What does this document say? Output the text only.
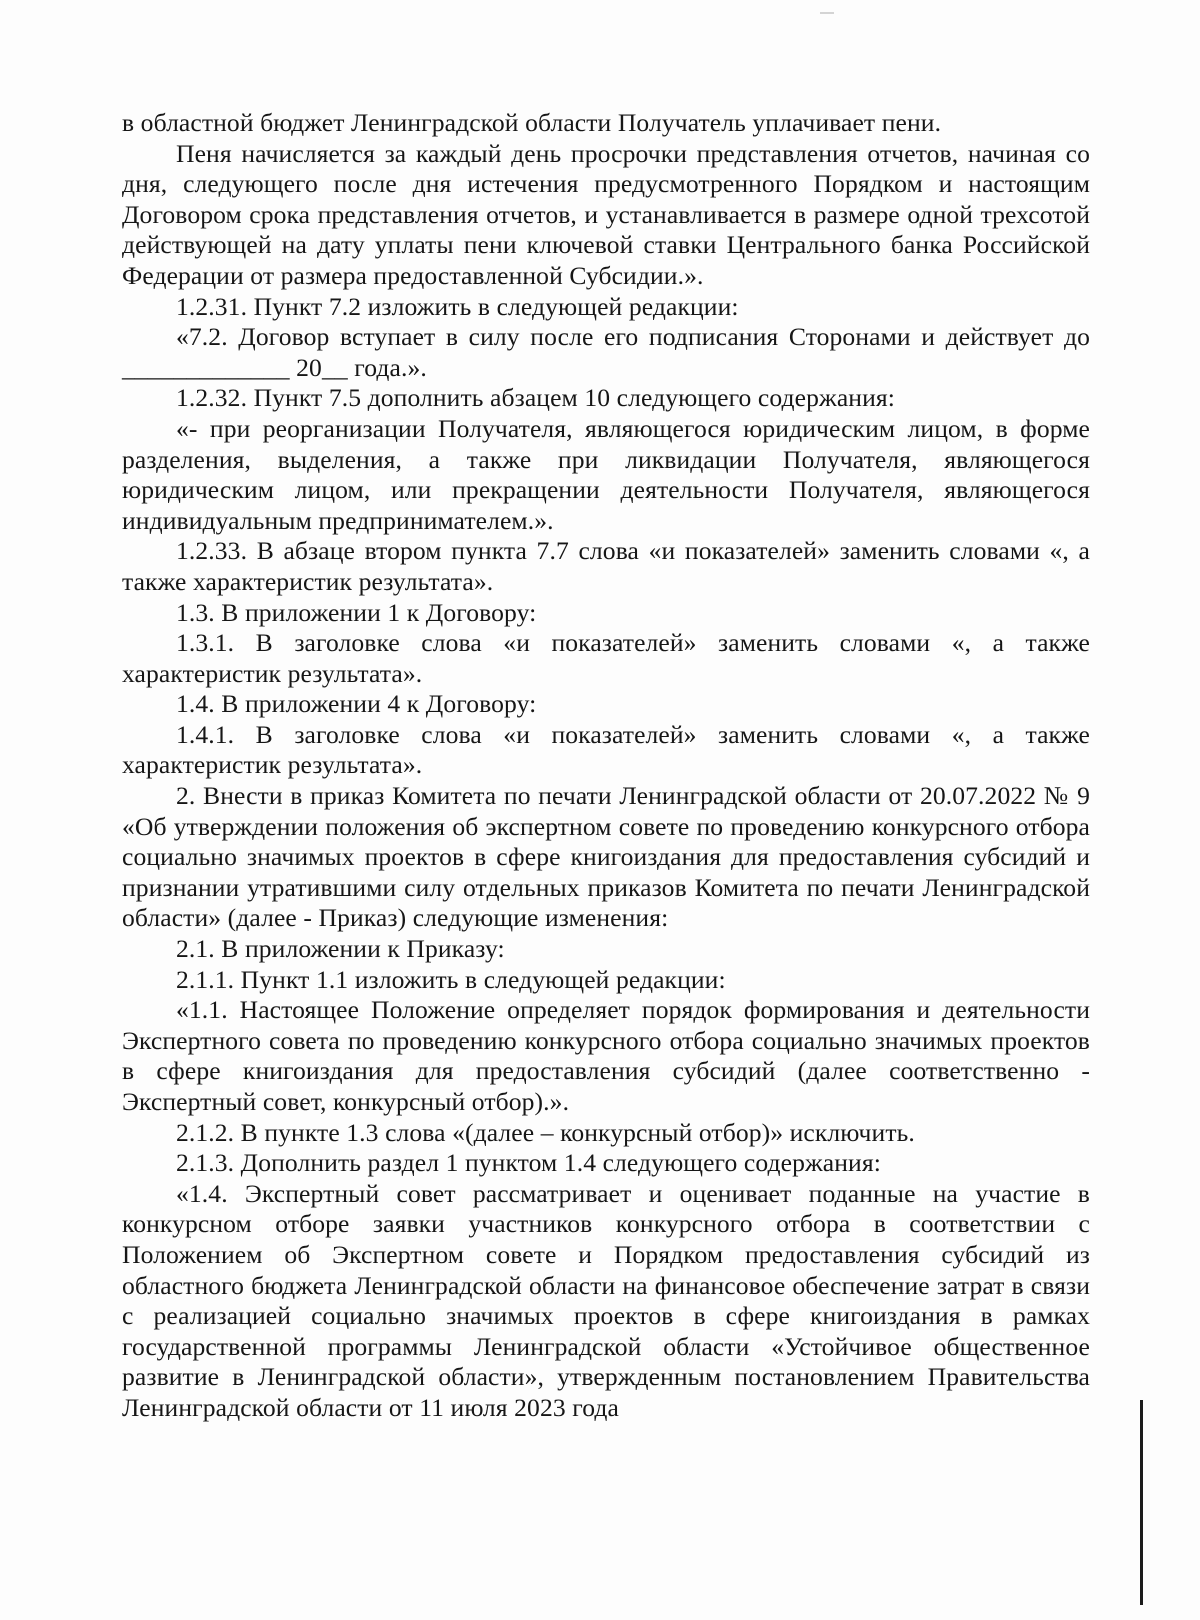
в областной бюджет Ленинградской области Получатель уплачивает пени.

Пеня начисляется за каждый день просрочки представления отчетов, начиная со дня, следующего после дня истечения предусмотренного Порядком и настоящим Договором срока представления отчетов, и устанавливается в размере одной трехсотой действующей на дату уплаты пени ключевой ставки Центрального банка Российской Федерации от размера предоставленной Субсидии.».

1.2.31. Пункт 7.2 изложить в следующей редакции:

«7.2. Договор вступает в силу после его подписания Сторонами и действует до _____________ 20__ года.».

1.2.32. Пункт 7.5 дополнить абзацем 10 следующего содержания:

«- при реорганизации Получателя, являющегося юридическим лицом, в форме разделения, выделения, а также при ликвидации Получателя, являющегося юридическим лицом, или прекращении деятельности Получателя, являющегося индивидуальным предпринимателем.».

1.2.33. В абзаце втором пункта 7.7 слова «и показателей» заменить словами «, а также характеристик результата».

1.3. В приложении 1 к Договору:

1.3.1. В заголовке слова «и показателей» заменить словами «, а также характеристик результата».

1.4. В приложении 4 к Договору:

1.4.1. В заголовке слова «и показателей» заменить словами «, а также характеристик результата».

2. Внести в приказ Комитета по печати Ленинградской области от 20.07.2022 № 9 «Об утверждении положения об экспертном совете по проведению конкурсного отбора социально значимых проектов в сфере книгоиздания для предоставления субсидий и признании утратившими силу отдельных приказов Комитета по печати Ленинградской области» (далее - Приказ) следующие изменения:

2.1. В приложении к Приказу:

2.1.1. Пункт 1.1 изложить в следующей редакции:

«1.1. Настоящее Положение определяет порядок формирования и деятельности Экспертного совета по проведению конкурсного отбора социально значимых проектов в сфере книгоиздания для предоставления субсидий (далее соответственно - Экспертный совет, конкурсный отбор).».

2.1.2. В пункте 1.3 слова «(далее – конкурсный отбор)» исключить.

2.1.3. Дополнить раздел 1 пунктом 1.4 следующего содержания:

«1.4. Экспертный совет рассматривает и оценивает поданные на участие в конкурсном отборе заявки участников конкурсного отбора в соответствии с Положением об Экспертном совете и Порядком предоставления субсидий из областного бюджета Ленинградской области на финансовое обеспечение затрат в связи с реализацией социально значимых проектов в сфере книгоиздания в рамках государственной программы Ленинградской области «Устойчивое общественное развитие в Ленинградской области», утвержденным постановлением Правительства Ленинградской области от 11 июля 2023 года
